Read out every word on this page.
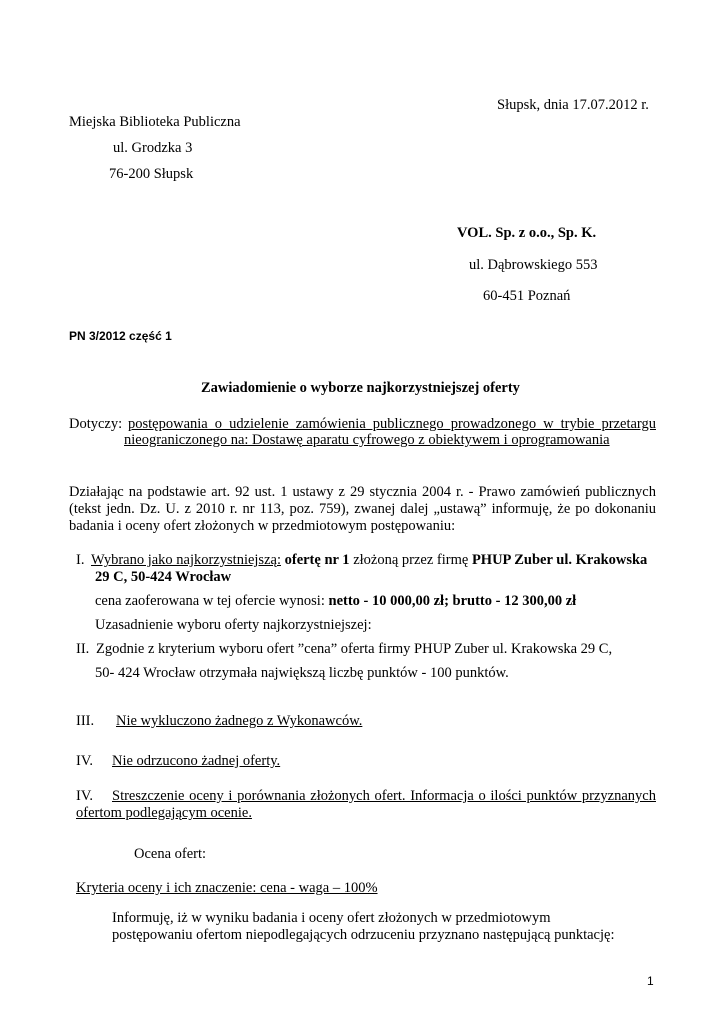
Słupsk, dnia 17.07.2012 r.
Miejska Biblioteka Publiczna
ul. Grodzka 3
76-200 Słupsk
VOL. Sp. z o.o., Sp. K.
ul. Dąbrowskiego 553
60-451 Poznań
PN 3/2012 część 1
Zawiadomienie o wyborze najkorzystniejszej oferty
Dotyczy: postępowania o udzielenie zamówienia publicznego prowadzonego w trybie przetargu
nieograniczonego na: Dostawę aparatu cyfrowego z obiektywem i oprogramowania
Działając na podstawie art. 92 ust. 1 ustawy z 29 stycznia 2004 r. - Prawo zamówień publicznych
(tekst jedn. Dz. U. z 2010 r. nr 113, poz. 759), zwanej dalej „ustawą” informuję, że po dokonaniu
badania i oceny ofert złożonych w przedmiotowym postępowaniu:
I. Wybrano jako najkorzystniejszą: ofertę nr 1 złożoną przez firmę PHUP Zuber ul. Krakowska
29 C, 50-424 Wrocław
cena zaoferowana w tej ofercie wynosi: netto - 10 000,00 zł; brutto - 12 300,00 zł
Uzasadnienie wyboru oferty najkorzystniejszej:
II. Zgodnie z kryterium wyboru ofert ”cena” oferta firmy PHUP Zuber ul. Krakowska 29 C,
50- 424 Wrocław otrzymała największą liczbę punktów - 100 punktów.
III. Nie wykluczono żadnego z Wykonawców.
IV. Nie odrzucono żadnej oferty.
IV. Streszczenie oceny i porównania złożonych ofert. Informacja o ilości punktów przyznanych
ofertom podlegającym ocenie.
Ocena ofert:
Kryteria oceny i ich znaczenie: cena - waga – 100%
Informuję, iż w wyniku badania i oceny ofert złożonych w przedmiotowym
postępowaniu ofertom niepodlegających odrzuceniu przyznano następującą punktację:
1
